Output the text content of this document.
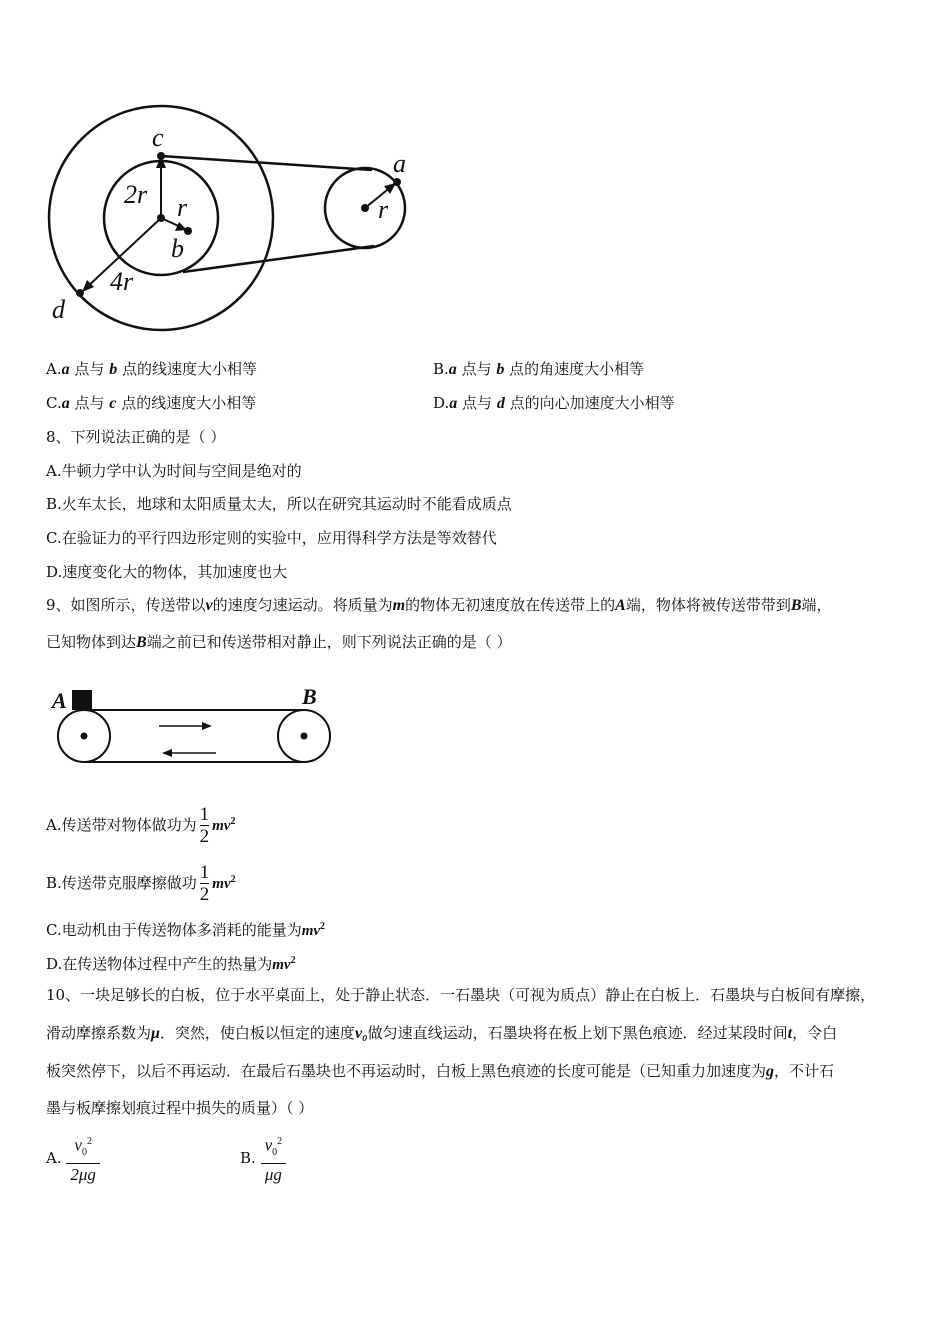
c
2r r
b
4r
d
a
r
A.a 点与 b 点的线速度大小相等	B.a 点与 b 点的角速度大小相等
C.a 点与 c 点的线速度大小相等	D.a 点与 d 点的向心加速度大小相等
8、下列说法正确的是（ ）
A.牛顿力学中认为时间与空间是绝对的
B.火车太长，地球和太阳质量太大，所以在研究其运动时不能看成质点
C.在验证力的平行四边形定则的实验中，应用得科学方法是等效替代
D.速度变化大的物体，其加速度也大
9、如图所示，传送带以v的速度匀速运动。将质量为m的物体无初速度放在传送带上的A端，物体将被传送带带到B端，
已知物体到达B端之前已和传送带相对静止，则下列说法正确的是（ ）
A	B
A.传送带对物体做功为 $\frac{1}{2} mv^2$
B.传送带克服摩擦做功 $\frac{1}{2} mv^2$
C.电动机由于传送物体多消耗的能量为$mv^2$
D.在传送物体过程中产生的热量为$mv^2$
10、一块足够长的白板，位于水平桌面上，处于静止状态．一石墨块（可视为质点）静止在白板上．石墨块与白板间有摩擦，
滑动摩擦系数为μ．突然，使白板以恒定的速度v₀做匀速直线运动，石墨块将在板上划下黑色痕迹．经过某段时间t，令白
板突然停下，以后不再运动．在最后石墨块也不再运动时，白板上黑色痕迹的长度可能是（已知重力加速度为g，不计石
墨与板摩擦划痕过程中损失的质量）（ ）
A. $\frac{v_0^2}{2\mu g}$	B. $\frac{v_0^2}{\mu g}$
